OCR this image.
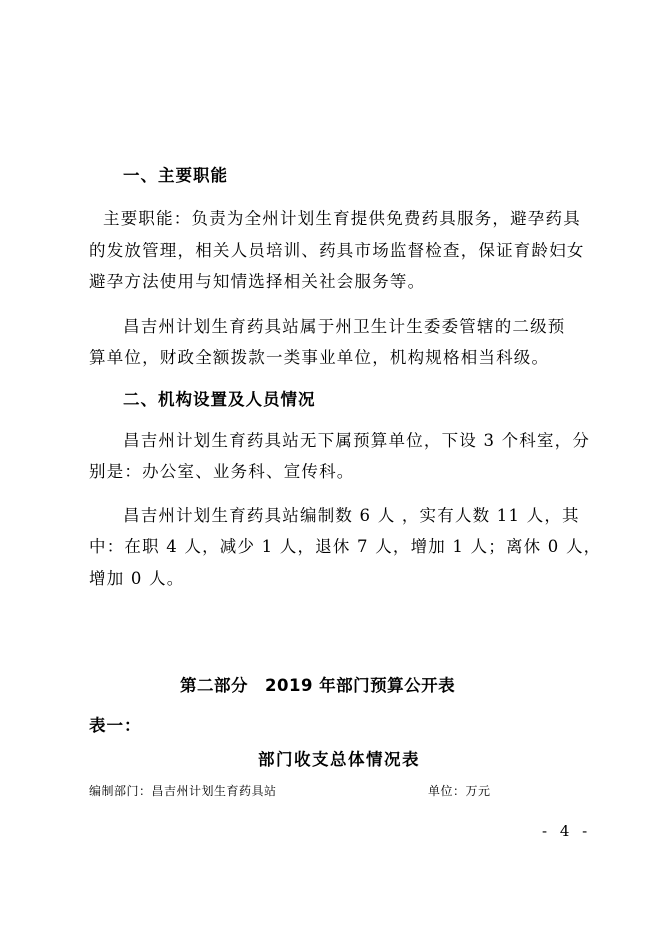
一、主要职能
主要职能：负责为全州计划生育提供免费药具服务，避孕药具
的发放管理，相关人员培训、药具市场监督检查，保证育龄妇女
避孕方法使用与知情选择相关社会服务等。
昌吉州计划生育药具站属于州卫生计生委委管辖的二级预
算单位，财政全额拨款一类事业单位，机构规格相当科级。
二、机构设置及人员情况
昌吉州计划生育药具站无下属预算单位，下设 3 个科室，分
别是：办公室、业务科、宣传科。
昌吉州计划生育药具站编制数 6 人 ，实有人数 11 人，其
中：在职 4 人，减少 1 人，退休 7 人，增加 1 人；离休 0 人，
增加 0 人。
第二部分　2019 年部门预算公开表
表一：
部门收支总体情况表
编制部门：昌吉州计划生育药具站	单位：万元
- 4 -
